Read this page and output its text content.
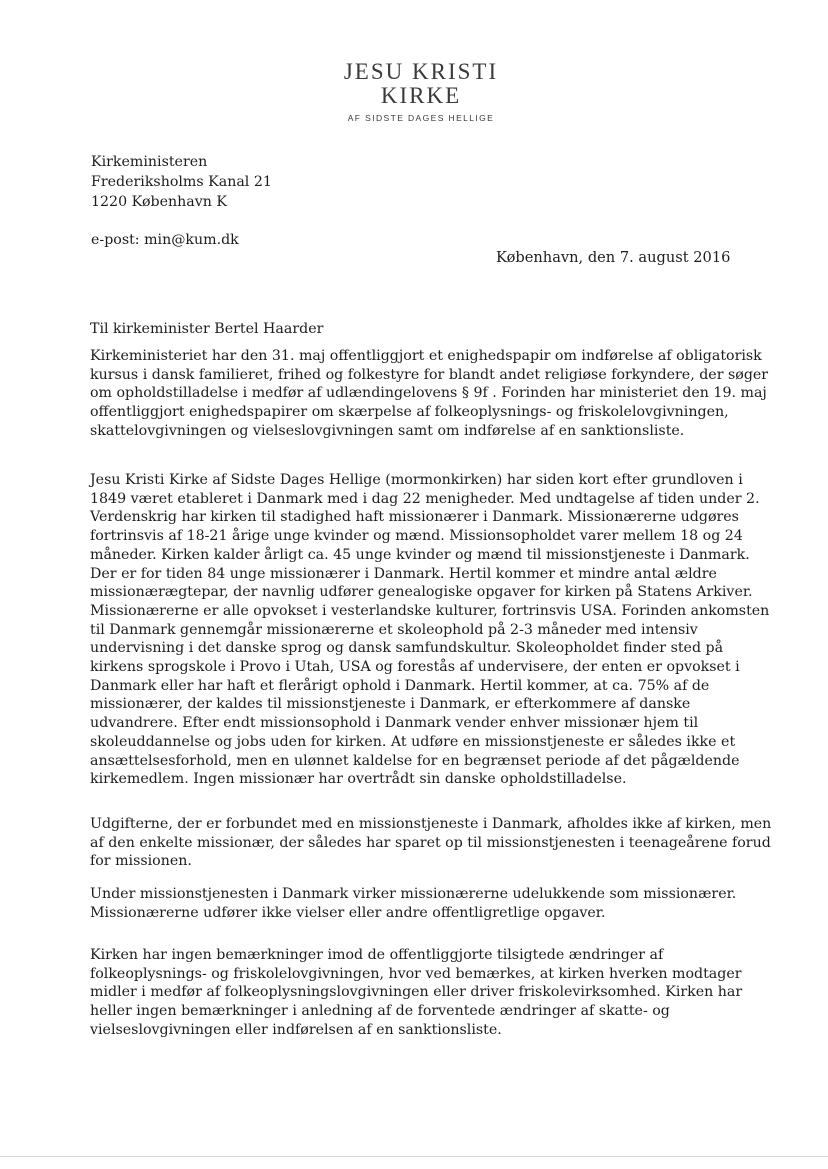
JESU KRISTI
KIRKE
AF SIDSTE DAGES HELLIGE
Kirkeministeren
Frederiksholms Kanal 21
1220 København K
e-post: min@kum.dk
København, den 7. august 2016
Til kirkeminister Bertel Haarder
Kirkeministeriet har den 31. maj offentliggjort et enighedspapir om indførelse af obligatorisk
kursus i dansk familieret, frihed og folkestyre for blandt andet religiøse forkyndere, der søger
om opholdstilladelse i medfør af udlændingelovens § 9f . Forinden har ministeriet den 19. maj
offentliggjort enighedspapirer om skærpelse af folkeoplysnings- og friskolelovgivningen,
skattelovgivningen og vielseslovgivningen samt om indførelse af en sanktionsliste.
Jesu Kristi Kirke af Sidste Dages Hellige (mormonkirken) har siden kort efter grundloven i
1849 været etableret i Danmark med i dag 22 menigheder. Med undtagelse af tiden under 2.
Verdenskrig har kirken til stadighed haft missionærer i Danmark. Missionærerne udgøres
fortrinsvis af 18-21 årige unge kvinder og mænd. Missionsopholdet varer mellem 18 og 24
måneder. Kirken kalder årligt ca. 45 unge kvinder og mænd til missionstjeneste i Danmark.
Der er for tiden 84 unge missionærer i Danmark. Hertil kommer et mindre antal ældre
missionærægtepar, der navnlig udfører genealogiske opgaver for kirken på Statens Arkiver.
Missionærerne er alle opvokset i vesterlandske kulturer, fortrinsvis USA. Forinden ankomsten
til Danmark gennemgår missionærerne et skoleophold på 2-3 måneder med intensiv
undervisning i det danske sprog og dansk samfundskultur. Skoleopholdet finder sted på
kirkens sprogskole i Provo i Utah, USA og forestås af undervisere, der enten er opvokset i
Danmark eller har haft et flerårigt ophold i Danmark. Hertil kommer, at ca. 75% af de
missionærer, der kaldes til missionstjeneste i Danmark, er efterkommere af danske
udvandrere. Efter endt missionsophold i Danmark vender enhver missionær hjem til
skoleuddannelse og jobs uden for kirken. At udføre en missionstjeneste er således ikke et
ansættelsesforhold, men en ulønnet kaldelse for en begrænset periode af det pågældende
kirkemedlem. Ingen missionær har overtrådt sin danske opholdstilladelse.
Udgifterne, der er forbundet med en missionstjeneste i Danmark, afholdes ikke af kirken, men
af den enkelte missionær, der således har sparet op til missionstjenesten i teenageårene forud
for missionen.
Under missionstjenesten i Danmark virker missionærerne udelukkende som missionærer.
Missionærerne udfører ikke vielser eller andre offentligretlige opgaver.
Kirken har ingen bemærkninger imod de offentliggjorte tilsigtede ændringer af
folkeoplysnings- og friskolelovgivningen, hvor ved bemærkes, at kirken hverken modtager
midler i medfør af folkeoplysningslovgivningen eller driver friskolevirksomhed. Kirken har
heller ingen bemærkninger i anledning af de forventede ændringer af skatte- og
vielseslovgivningen eller indførelsen af en sanktionsliste.
